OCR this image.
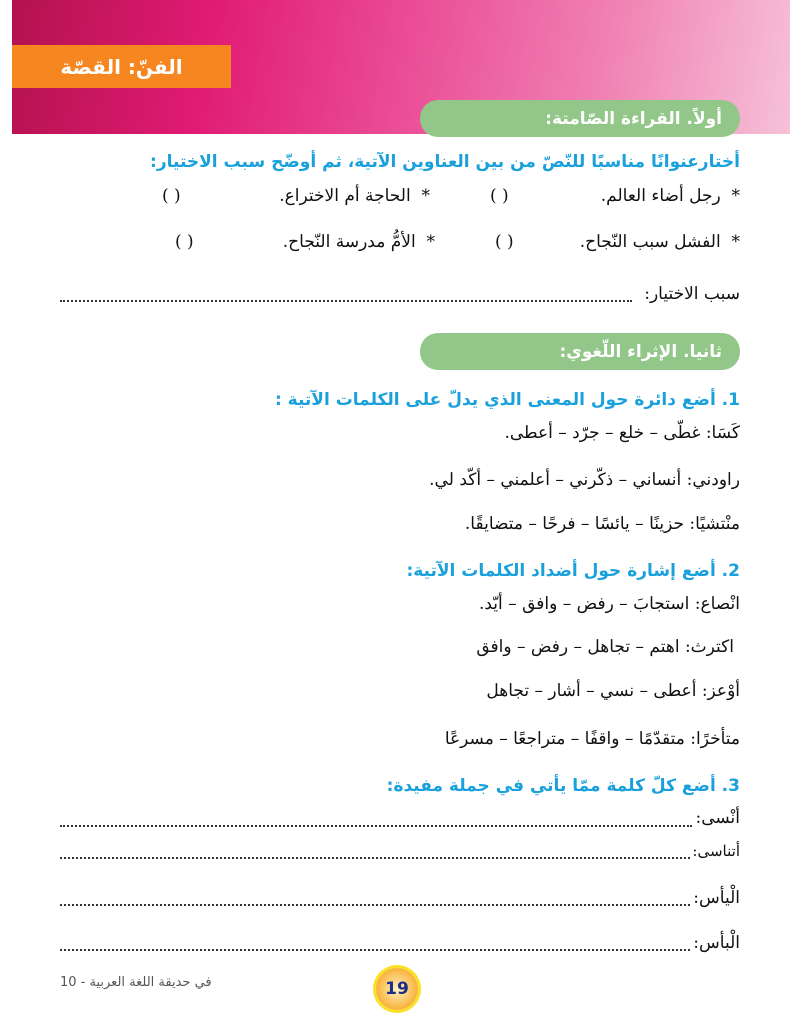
الفنّ: القصّة
أولاً. القراءة الصّامتة:
أختارعنوانًا مناسبًا للنّصّ من بين العناوين الآتية، ثم أوضّح سبب الاختيار:
*  رجل أضاء العالم.
( )
*  الحاجة أم الاختراع.
( )
*  الفشل سبب النّجاح.
( )
*  الأمُّ مدرسة النّجاح.
( )
سبب الاختيار:
ثانيا. الإثراء اللّغوي:
1. أضع دائرة حول المعنى الذي يدلّ على الكلمات الآتية :
كَسَا: غطّى – خلع – جرّد – أعطى.
راودني: أنساني – ذكّرني – أعلمني – أكّد لي.
منْتشيًا: حزينًا – يائسًا – فرحًا – متضايقًا.
2. أضع إشارة حول أضداد الكلمات الآتية:
انْصاع: استجابَ – رفض – وافق – أيّد.
اكترث: اهتم – تجاهل – رفض – وافق
أوْعز: أعطى – نسي – أشار – تجاهل
متأخرًا: متقدّمًا – واقفًا – متراجعًا – مسرعًا
3. أضع كلّ كلمة ممّا يأتي في جملة مفيدة:
أنْسى:
أتناسى:
الْيأس:
الْبأس:
في حديقة اللغة العربية - 10	19
